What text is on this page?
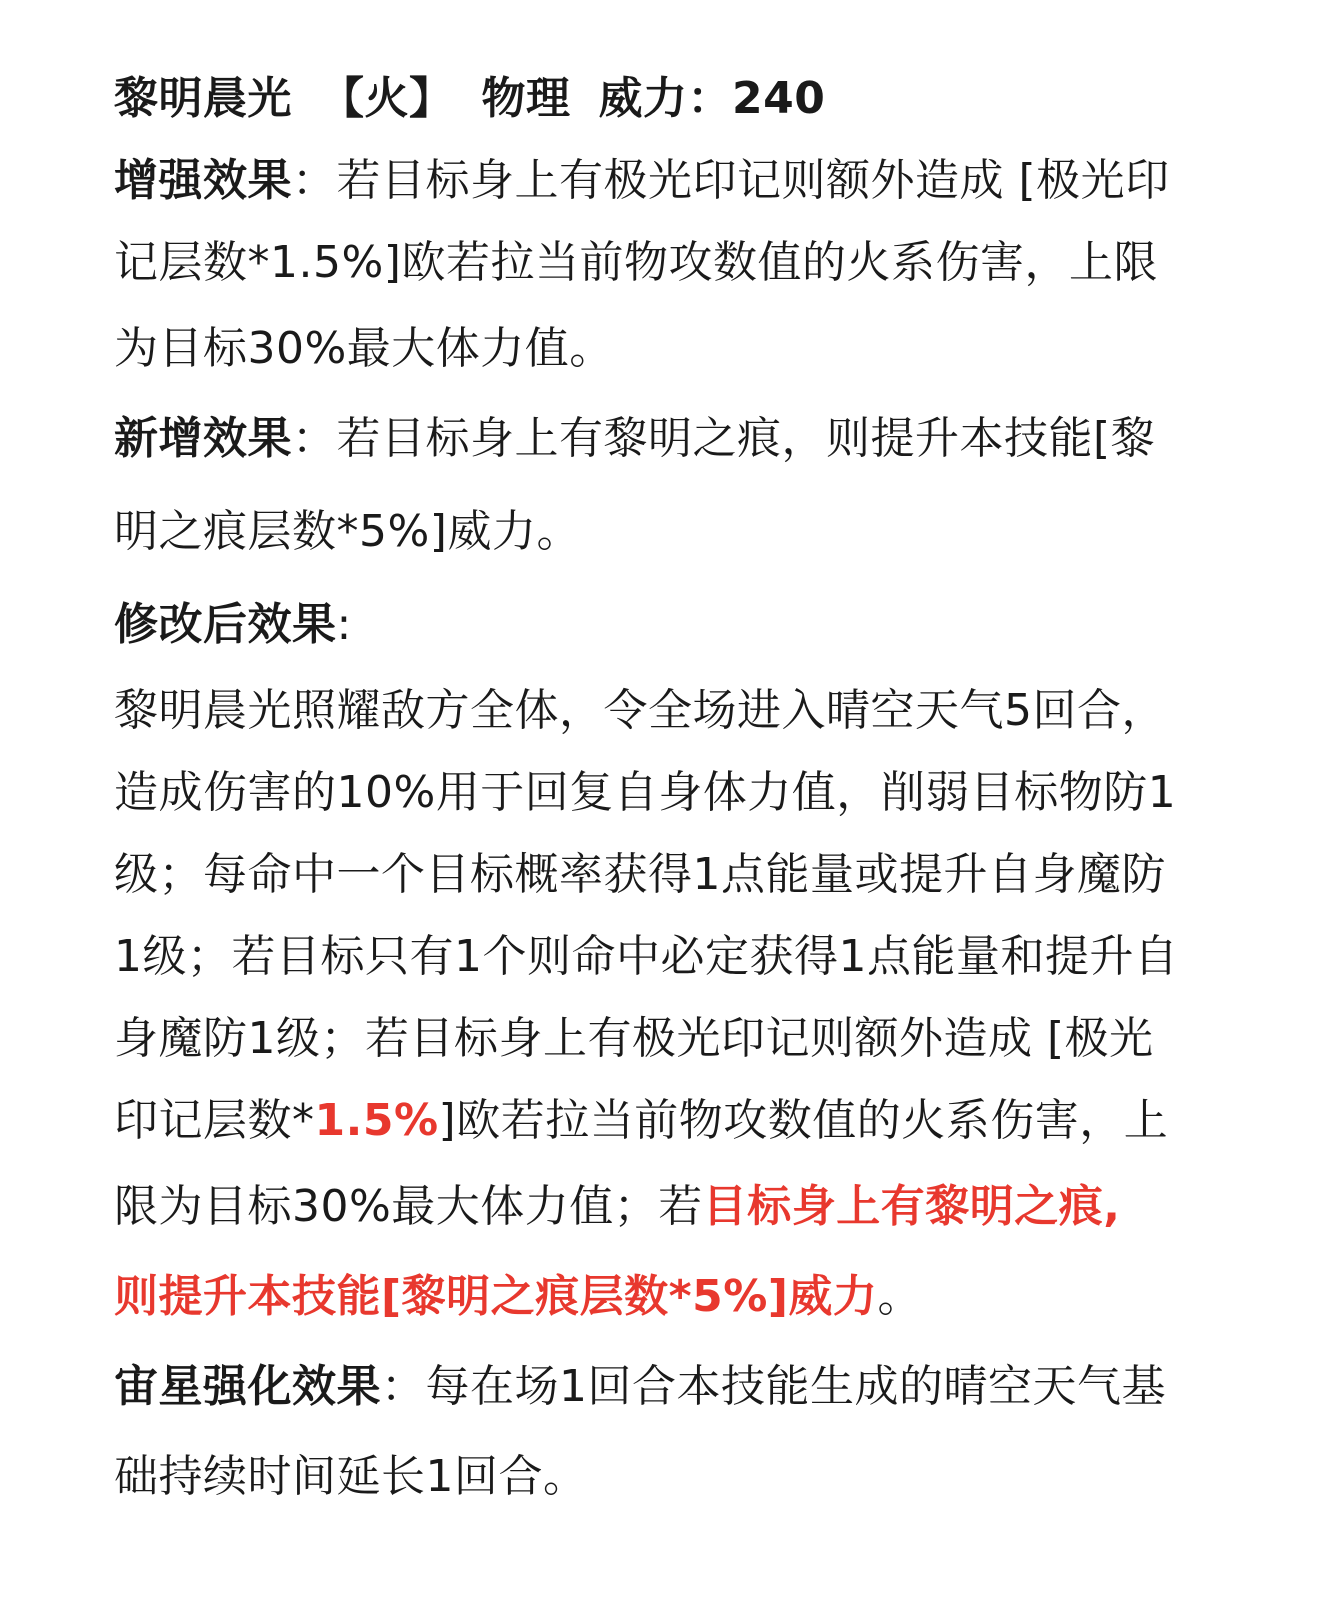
黎明晨光 【火】 物理 威力：240
增强效果：若目标身上有极光印记则额外造成 [极光印
记层数*1.5%]欧若拉当前物攻数值的火系伤害，上限
为目标30%最大体力值。
新增效果：若目标身上有黎明之痕，则提升本技能[黎
明之痕层数*5%]威力。
修改后效果:
黎明晨光照耀敌方全体，令全场进入晴空天气5回合，
造成伤害的10%用于回复自身体力值，削弱目标物防1
级；每命中一个目标概率获得1点能量或提升自身魔防
1级；若目标只有1个则命中必定获得1点能量和提升自
身魔防1级；若目标身上有极光印记则额外造成 [极光
印记层数*1.5%]欧若拉当前物攻数值的火系伤害，上
限为目标30%最大体力值；若目标身上有黎明之痕,
则提升本技能[黎明之痕层数*5%]威力。
宙星强化效果：每在场1回合本技能生成的晴空天气基
础持续时间延长1回合。
